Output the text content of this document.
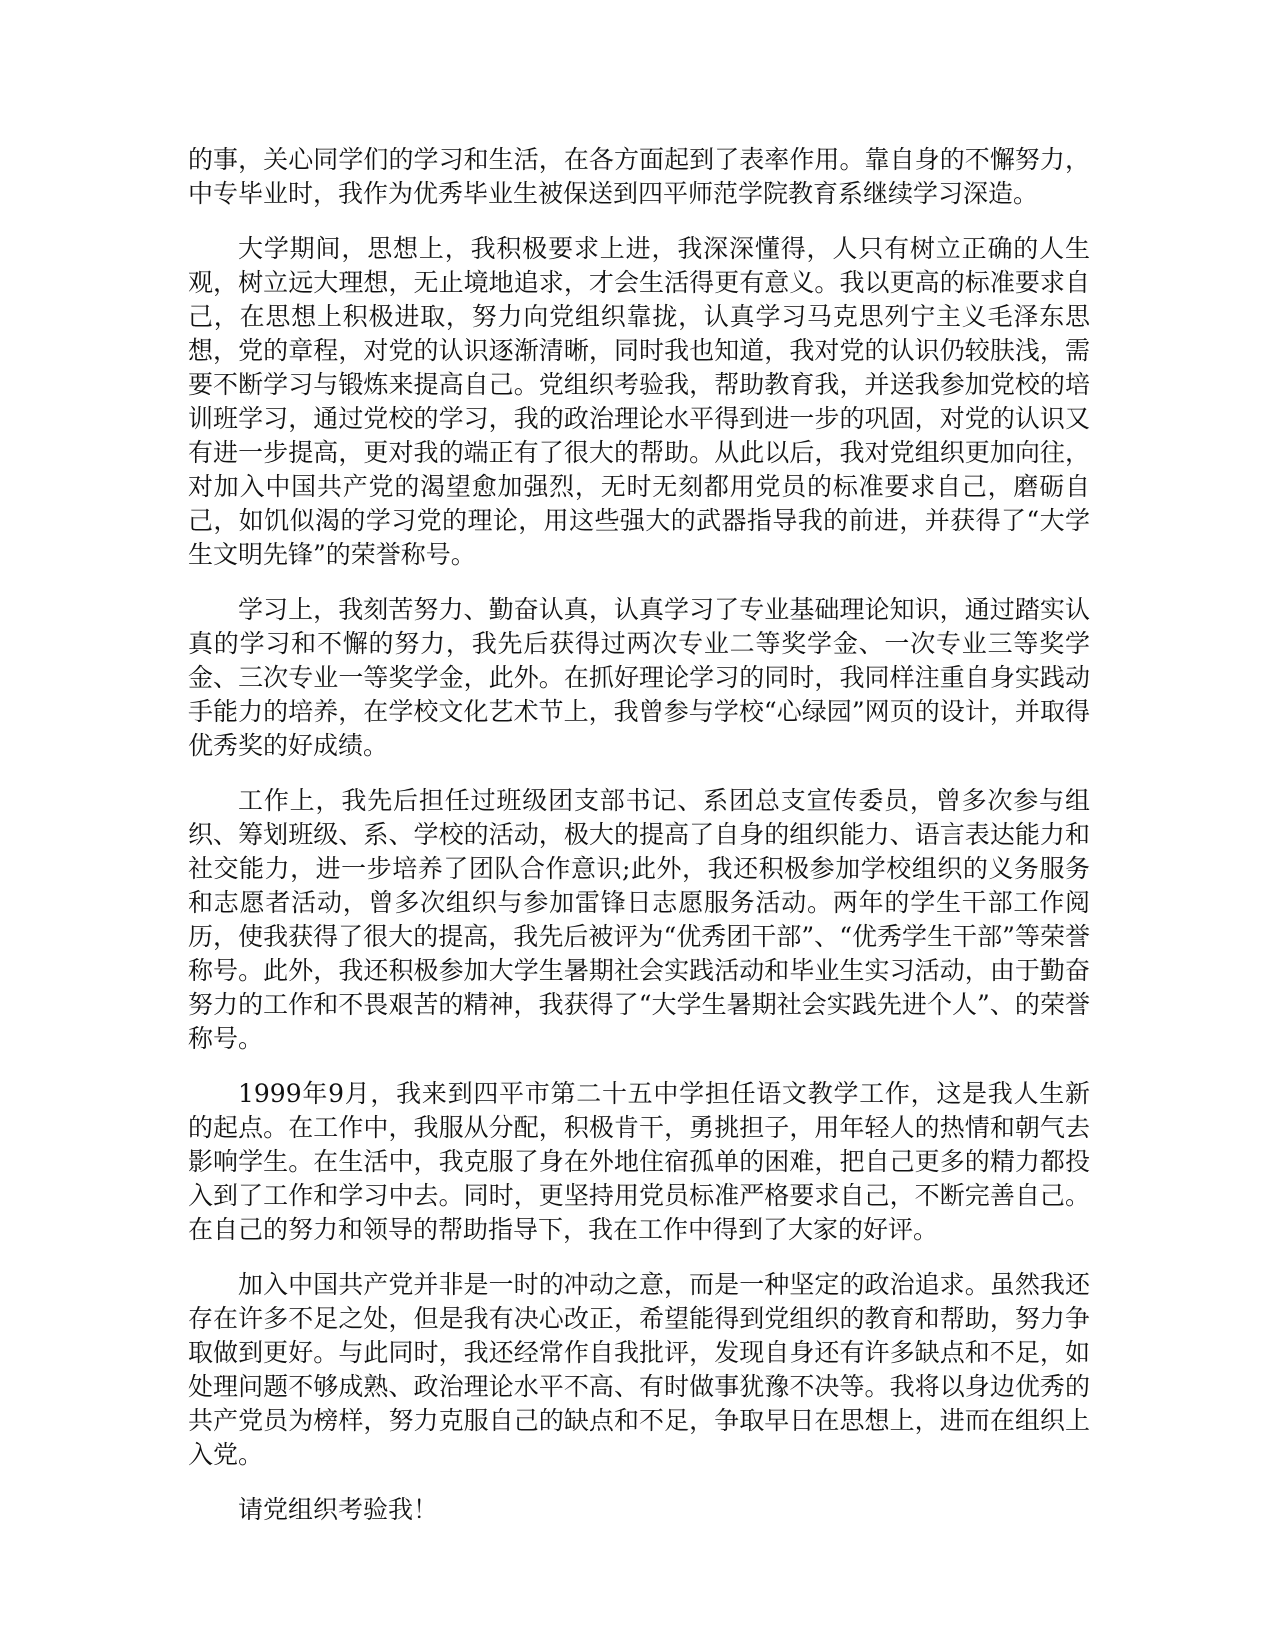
的事，关心同学们的学习和生活，在各方面起到了表率作用。靠自身的不懈努力，中专毕业时，我作为优秀毕业生被保送到四平师范学院教育系继续学习深造。

大学期间，思想上，我积极要求上进，我深深懂得，人只有树立正确的人生观，树立远大理想，无止境地追求，才会生活得更有意义。我以更高的标准要求自己，在思想上积极进取，努力向党组织靠拢，认真学习马克思列宁主义毛泽东思想，党的章程，对党的认识逐渐清晰，同时我也知道，我对党的认识仍较肤浅，需要不断学习与锻炼来提高自己。党组织考验我，帮助教育我，并送我参加党校的培训班学习，通过党校的学习，我的政治理论水平得到进一步的巩固，对党的认识又有进一步提高，更对我的端正有了很大的帮助。从此以后，我对党组织更加向往，对加入中国共产党的渴望愈加强烈，无时无刻都用党员的标准要求自己，磨砺自己，如饥似渴的学习党的理论，用这些强大的武器指导我的前进，并获得了“大学生文明先锋”的荣誉称号。

学习上，我刻苦努力、勤奋认真，认真学习了专业基础理论知识，通过踏实认真的学习和不懈的努力，我先后获得过两次专业二等奖学金、一次专业三等奖学金、三次专业一等奖学金，此外。在抓好理论学习的同时，我同样注重自身实践动手能力的培养，在学校文化艺术节上，我曾参与学校“心绿园”网页的设计，并取得优秀奖的好成绩。

工作上，我先后担任过班级团支部书记、系团总支宣传委员，曾多次参与组织、筹划班级、系、学校的活动，极大的提高了自身的组织能力、语言表达能力和社交能力，进一步培养了团队合作意识;此外，我还积极参加学校组织的义务服务和志愿者活动，曾多次组织与参加雷锋日志愿服务活动。两年的学生干部工作阅历，使我获得了很大的提高，我先后被评为“优秀团干部”、“优秀学生干部”等荣誉称号。此外，我还积极参加大学生暑期社会实践活动和毕业生实习活动，由于勤奋努力的工作和不畏艰苦的精神，我获得了“大学生暑期社会实践先进个人”、的荣誉称号。

1999年9月，我来到四平市第二十五中学担任语文教学工作，这是我人生新的起点。在工作中，我服从分配，积极肯干，勇挑担子，用年轻人的热情和朝气去影响学生。在生活中，我克服了身在外地住宿孤单的困难，把自己更多的精力都投入到了工作和学习中去。同时，更坚持用党员标准严格要求自己，不断完善自己。在自己的努力和领导的帮助指导下，我在工作中得到了大家的好评。

加入中国共产党并非是一时的冲动之意，而是一种坚定的政治追求。虽然我还存在许多不足之处，但是我有决心改正，希望能得到党组织的教育和帮助，努力争取做到更好。与此同时，我还经常作自我批评，发现自身还有许多缺点和不足，如处理问题不够成熟、政治理论水平不高、有时做事犹豫不决等。我将以身边优秀的共产党员为榜样，努力克服自己的缺点和不足，争取早日在思想上，进而在组织上入党。

请党组织考验我！
